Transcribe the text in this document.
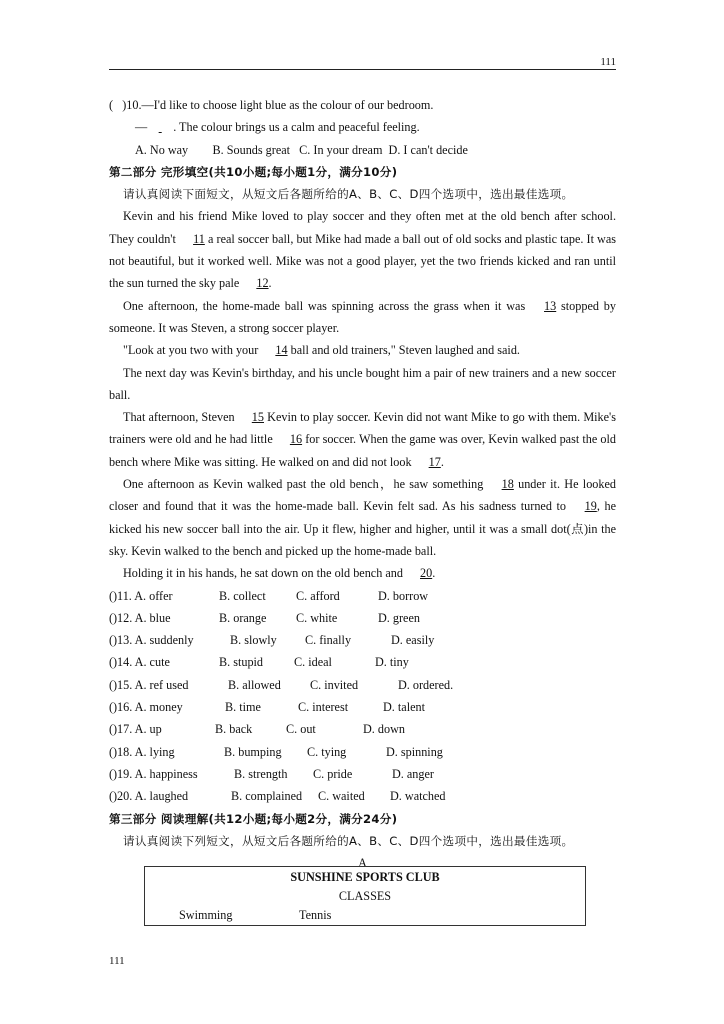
111
( )10.—I'd like to choose light blue as the colour of our bedroom.
— . The colour brings us a calm and peaceful feeling.
A. No way        B. Sounds great   C. In your dream  D. I can't decide
第二部分 完形填空(共10小题;每小题1分，满分10分)
请认真阅读下面短文，从短文后各题所给的A、B、C、D四个选项中，选出最佳选项。
Kevin and his friend Mike loved to play soccer and they often met at the old bench after school. They couldn't 11 a real soccer ball, but Mike had made a ball out of old socks and plastic tape. It was not beautiful, but it worked well. Mike was not a good player, yet the two friends kicked and ran until the sun turned the sky pale 12.
One afternoon, the home-made ball was spinning across the grass when it was 13 stopped by someone. It was Steven, a strong soccer player.
"Look at you two with your 14 ball and old trainers," Steven laughed and said.
The next day was Kevin's birthday, and his uncle bought him a pair of new trainers and a new soccer ball.
That afternoon, Steven 15 Kevin to play soccer. Kevin did not want Mike to go with them. Mike's trainers were old and he had little 16 for soccer. When the game was over, Kevin walked past the old bench where Mike was sitting. He walked on and did not look 17.
One afternoon as Kevin walked past the old bench，he saw something 18 under it. He looked closer and found that it was the home-made ball. Kevin felt sad. As his sadness turned to 19, he kicked his new soccer ball into the air. Up it flew, higher and higher, until it was a small dot(点)in the sky. Kevin walked to the bench and picked up the home-made ball.
Holding it in his hands, he sat down on the old bench and 20.
( )11. A. offer	B. collect	C. afford	D. borrow
( )12. A. blue	B. orange	C. white	D. green
( )13. A. suddenly	B. slowly	C. finally	D. easily
( )14. A. cute	B. stupid	C. ideal	D. tiny
( )15. A. ref used	B. allowed	C. invited	D. ordered.
( )16. A. money	B. time	C. interest	D. talent
( )17. A. up	B. back	C. out	D. down
( )18. A. lying	B. bumping	C. tying	D. spinning
( )19. A. happiness	B. strength	C. pride	D. anger
( )20. A. laughed	B. complained	C. waited	D. watched
第三部分 阅读理解(共12小题;每小题2分，满分24分)
请认真阅读下列短文，从短文后各题所给的A、B、C、D四个选项中，选出最佳选项。
A
SUNSHINE SPORTS CLUB
CLASSES
Swimming	Tennis
111
